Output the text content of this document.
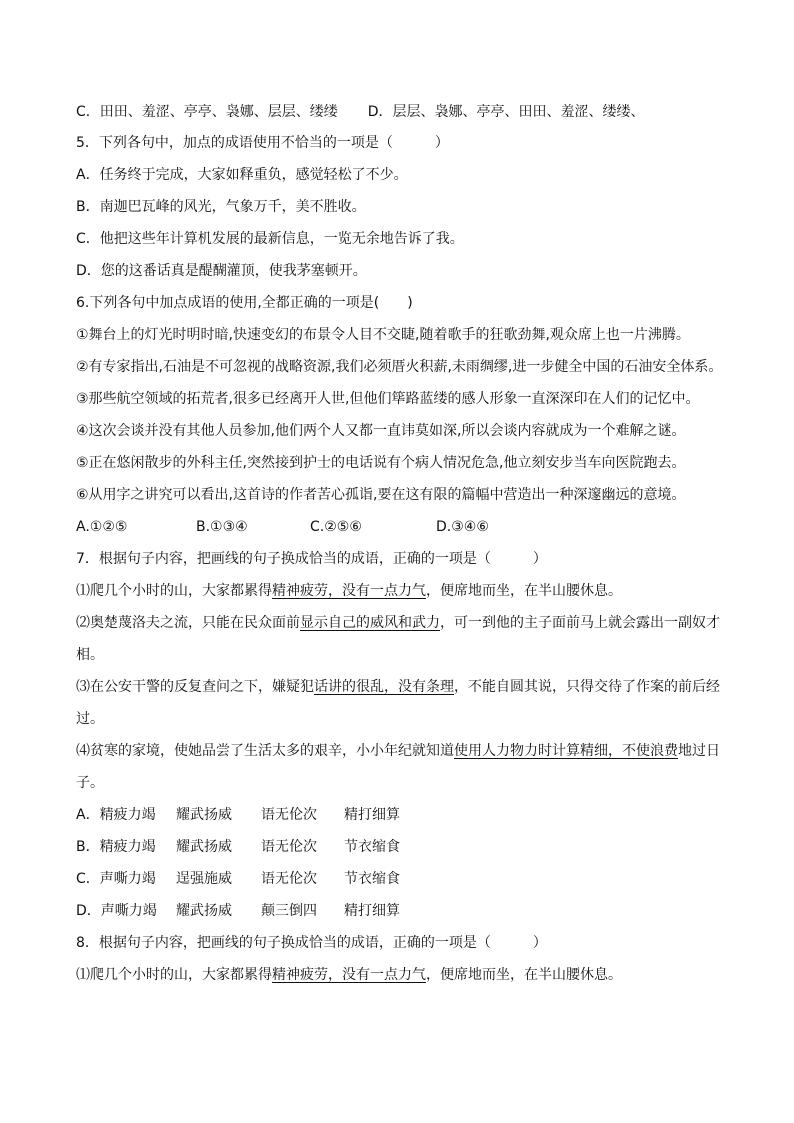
C．田田、羞涩、亭亭、袅娜、层层、缕缕 D．层层、袅娜、亭亭、田田、羞涩、缕缕、
5．下列各句中，加点的成语使用不恰当的一项是（　　　）
A．任务终于完成，大家如释重负，感觉轻松了不少。
B．南迦巴瓦峰的风光，气象万千，美不胜收。
C．他把这些年计算机发展的最新信息，一览无余地告诉了我。
D．您的这番话真是醍醐灌顶，使我茅塞顿开。
6.下列各句中加点成语的使用,全都正确的一项是(　　)
①舞台上的灯光时明时暗,快速变幻的布景令人目不交睫,随着歌手的狂歌劲舞,观众席上也一片沸腾。
②有专家指出,石油是不可忽视的战略资源,我们必须厝火积薪,未雨绸缪,进一步健全中国的石油安全体系。
③那些航空领域的拓荒者,很多已经离开人世,但他们筚路蓝缕的感人形象一直深深印在人们的记忆中。
④这次会谈并没有其他人员参加,他们两个人又都一直讳莫如深,所以会谈内容就成为一个难解之谜。
⑤正在悠闲散步的外科主任,突然接到护士的电话说有个病人情况危急,他立刻安步当车向医院跑去。
⑥从用字之讲究可以看出,这首诗的作者苦心孤诣,要在这有限的篇幅中营造出一种深邃幽远的意境。
A.①②⑤	B.①③④	C.②⑤⑥	D.③④⑥
7．根据句子内容，把画线的句子换成恰当的成语，正确的一项是（　　　）
⑴爬几个小时的山，大家都累得精神疲劳，没有一点力气，便席地而坐，在半山腰休息。
⑵奥楚蔑洛夫之流，只能在民众面前显示自己的威风和武力，可一到他的主子面前马上就会露出一副奴才
相。
⑶在公安干警的反复查问之下，嫌疑犯话讲的很乱，没有条理，不能自圆其说，只得交待了作案的前后经
过。
⑷贫寒的家境，使她品尝了生活太多的艰辛，小小年纪就知道使用人力物力时计算精细，不使浪费地过日
子。
A．精疲力竭 耀武扬威 语无伦次 精打细算
B．精疲力竭 耀武扬威 语无伦次 节衣缩食
C．声嘶力竭 逞强施威 语无伦次 节衣缩食
D．声嘶力竭 耀武扬威 颠三倒四 精打细算
8．根据句子内容，把画线的句子换成恰当的成语，正确的一项是（　　　）
⑴爬几个小时的山，大家都累得精神疲劳，没有一点力气，便席地而坐，在半山腰休息。
